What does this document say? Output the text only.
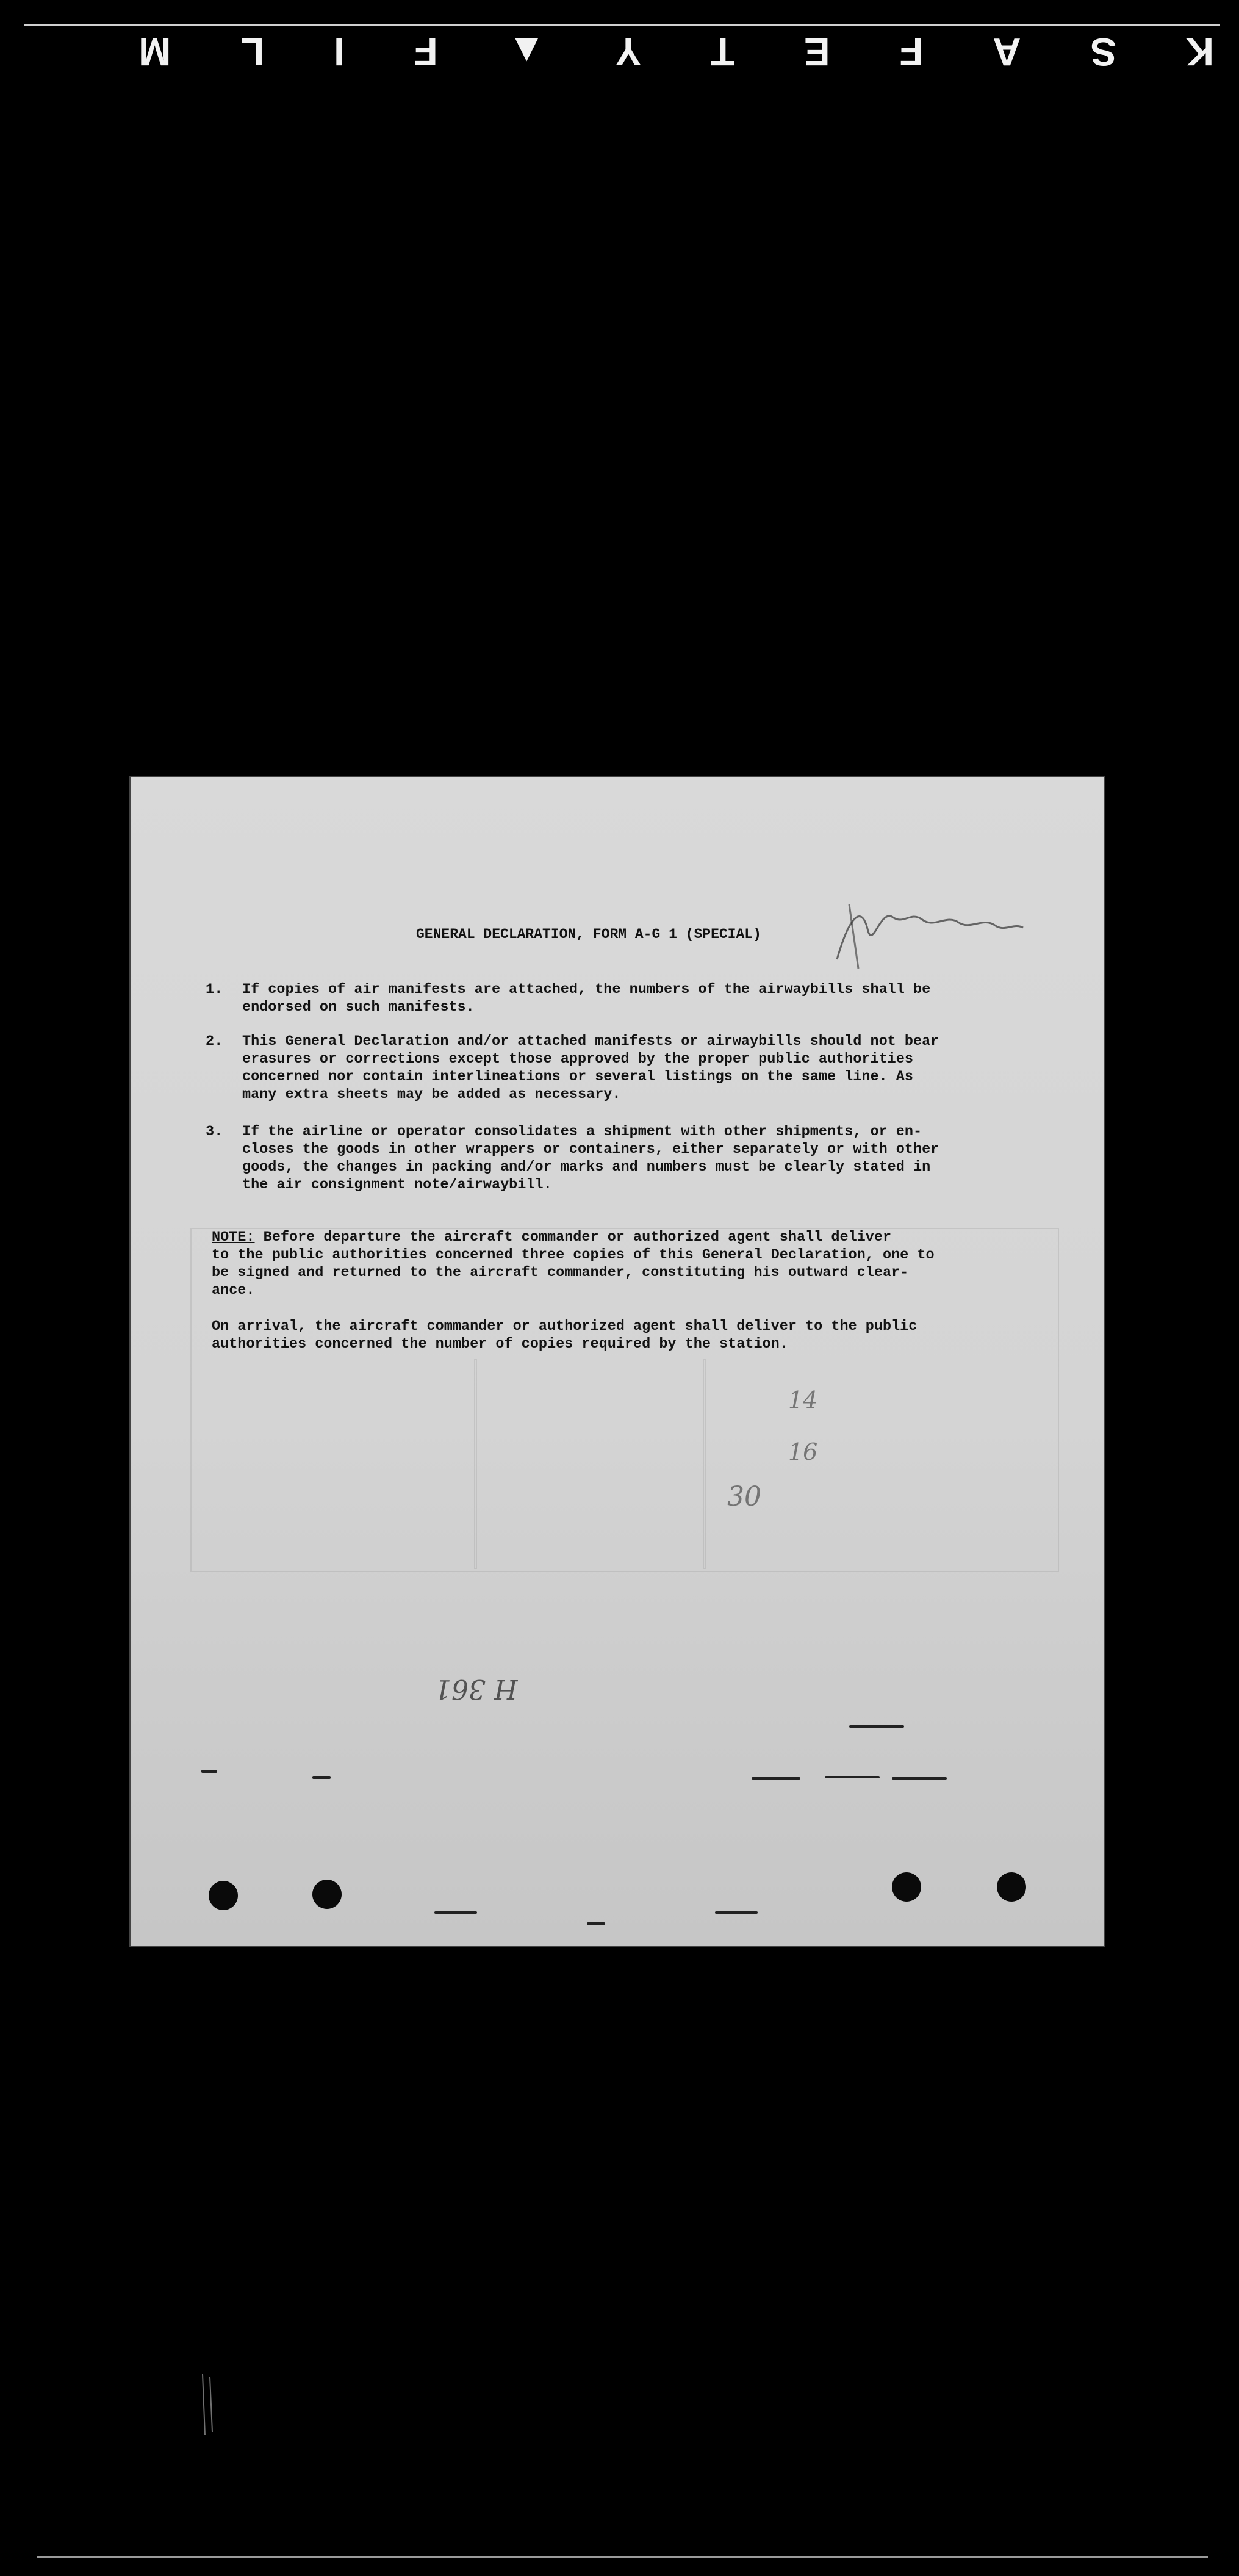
K S A F E T Y ▲ F I L M
GENERAL DECLARATION, FORM A-G 1 (SPECIAL)
1.	If copies of air manifests are attached, the numbers of the airwaybills shall be
endorsed on such manifests.
2.	This General Declaration and/or attached manifests or airwaybills should not bear
erasures or corrections except those approved by the proper public authorities
concerned nor contain interlineations or several listings on the same line. As
many extra sheets may be added as necessary.
3.	If the airline or operator consolidates a shipment with other shipments, or en-
closes the goods in other wrappers or containers, either separately or with other
goods, the changes in packing and/or marks and numbers must be clearly stated in
the air consignment note/airwaybill.
NOTE: Before departure the aircraft commander or authorized agent shall deliver
to the public authorities concerned three copies of this General Declaration, one to
be signed and returned to the aircraft commander, constituting his outward clear-
ance.
On arrival, the aircraft commander or authorized agent shall deliver to the public
authorities concerned the number of copies required by the station.
30
14
16
H 361
